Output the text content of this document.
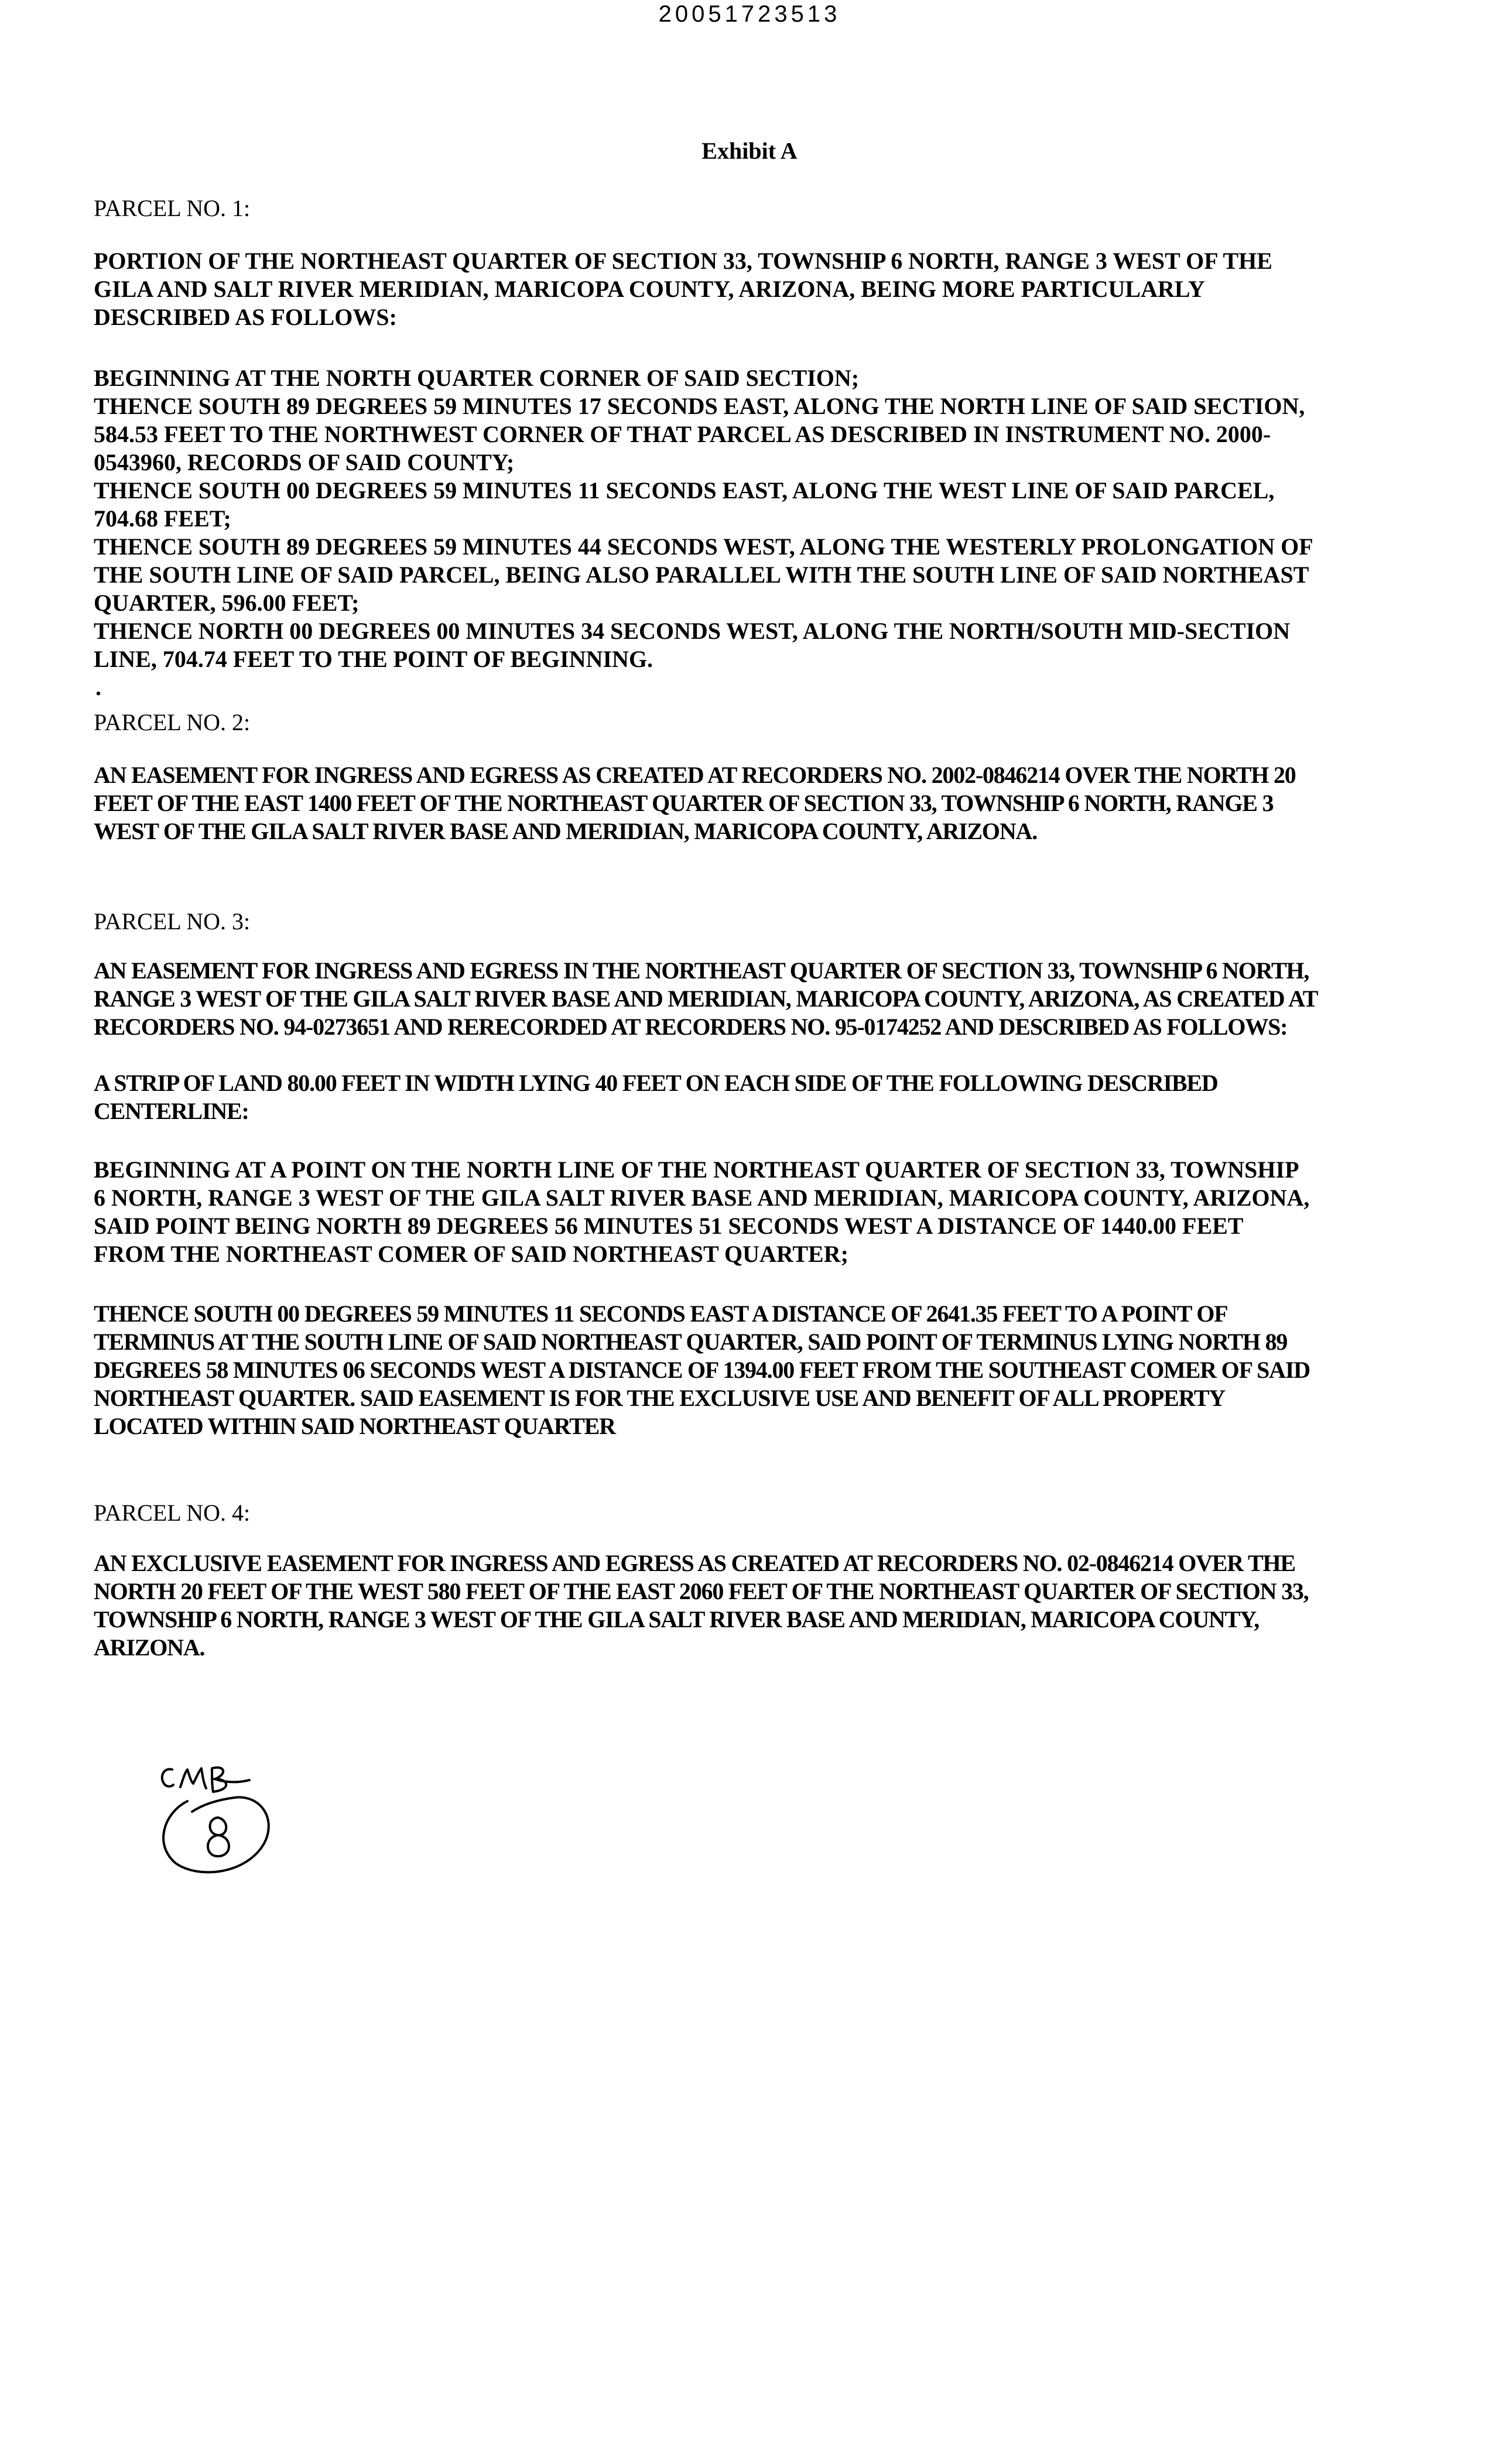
20051723513
Exhibit A
PARCEL NO. 1:
PORTION OF THE NORTHEAST QUARTER OF SECTION 33, TOWNSHIP 6 NORTH, RANGE 3 WEST OF THE
GILA AND SALT RIVER MERIDIAN, MARICOPA COUNTY, ARIZONA, BEING MORE PARTICULARLY
DESCRIBED AS FOLLOWS:
BEGINNING AT THE NORTH QUARTER CORNER OF SAID SECTION;
THENCE SOUTH 89 DEGREES 59 MINUTES 17 SECONDS EAST, ALONG THE NORTH LINE OF SAID SECTION,
584.53 FEET TO THE NORTHWEST CORNER OF THAT PARCEL AS DESCRIBED IN INSTRUMENT NO. 2000-
0543960, RECORDS OF SAID COUNTY;
THENCE SOUTH 00 DEGREES 59 MINUTES 11 SECONDS EAST, ALONG THE WEST LINE OF SAID PARCEL,
704.68 FEET;
THENCE SOUTH 89 DEGREES 59 MINUTES 44 SECONDS WEST, ALONG THE WESTERLY PROLONGATION OF
THE SOUTH LINE OF SAID PARCEL, BEING ALSO PARALLEL WITH THE SOUTH LINE OF SAID NORTHEAST
QUARTER, 596.00 FEET;
THENCE NORTH 00 DEGREES 00 MINUTES 34 SECONDS WEST, ALONG THE NORTH/SOUTH MID-SECTION
LINE, 704.74 FEET TO THE POINT OF BEGINNING.
.
PARCEL NO. 2:
AN EASEMENT FOR INGRESS AND EGRESS AS CREATED AT RECORDERS NO. 2002-0846214 OVER THE NORTH 20
FEET OF THE EAST 1400 FEET OF THE NORTHEAST QUARTER OF SECTION 33, TOWNSHIP 6 NORTH, RANGE 3
WEST OF THE GILA SALT RIVER BASE AND MERIDIAN, MARICOPA COUNTY, ARIZONA.
PARCEL NO. 3:
AN EASEMENT FOR INGRESS AND EGRESS IN THE NORTHEAST QUARTER OF SECTION 33, TOWNSHIP 6 NORTH,
RANGE 3 WEST OF THE GILA SALT RIVER BASE AND MERIDIAN, MARICOPA COUNTY, ARIZONA, AS CREATED AT
RECORDERS NO. 94-0273651 AND RERECORDED AT RECORDERS NO. 95-0174252 AND DESCRIBED AS FOLLOWS:
A STRIP OF LAND 80.00 FEET IN WIDTH LYING 40 FEET ON EACH SIDE OF THE FOLLOWING DESCRIBED
CENTERLINE:
BEGINNING AT A POINT ON THE NORTH LINE OF THE NORTHEAST QUARTER OF SECTION 33, TOWNSHIP
6 NORTH, RANGE 3 WEST OF THE GILA SALT RIVER BASE AND MERIDIAN, MARICOPA COUNTY, ARIZONA,
SAID POINT BEING NORTH 89 DEGREES 56 MINUTES 51 SECONDS WEST A DISTANCE OF 1440.00 FEET
FROM THE NORTHEAST COMER OF SAID NORTHEAST QUARTER;
THENCE SOUTH 00 DEGREES 59 MINUTES 11 SECONDS EAST A DISTANCE OF 2641.35 FEET TO A POINT OF
TERMINUS AT THE SOUTH LINE OF SAID NORTHEAST QUARTER, SAID POINT OF TERMINUS LYING NORTH 89
DEGREES 58 MINUTES 06 SECONDS WEST A DISTANCE OF 1394.00 FEET FROM THE SOUTHEAST COMER OF SAID
NORTHEAST QUARTER. SAID EASEMENT IS FOR THE EXCLUSIVE USE AND BENEFIT OF ALL PROPERTY
LOCATED WITHIN SAID NORTHEAST QUARTER
PARCEL NO. 4:
AN EXCLUSIVE EASEMENT FOR INGRESS AND EGRESS AS CREATED AT RECORDERS NO. 02-0846214 OVER THE
NORTH 20 FEET OF THE WEST 580 FEET OF THE EAST 2060 FEET OF THE NORTHEAST QUARTER OF SECTION 33,
TOWNSHIP 6 NORTH, RANGE 3 WEST OF THE GILA SALT RIVER BASE AND MERIDIAN, MARICOPA COUNTY,
ARIZONA.
